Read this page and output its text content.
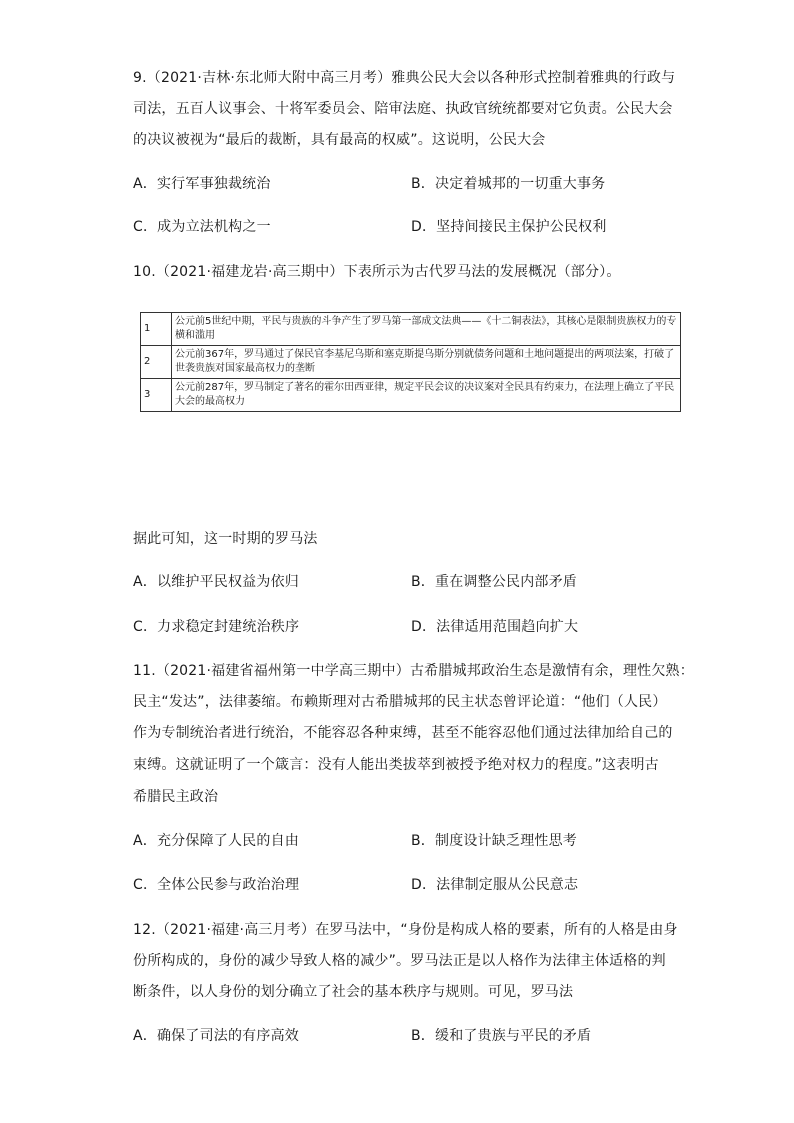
9.（2021·吉林·东北师大附中高三月考）雅典公民大会以各种形式控制着雅典的行政与
司法，五百人议事会、十将军委员会、陪审法庭、执政官统统都要对它负责。公民大会
的决议被视为“最后的裁断，具有最高的权威”。这说明，公民大会
A．实行军事独裁统治	B．决定着城邦的一切重大事务
C．成为立法机构之一	D．坚持间接民主保护公民权利
10.（2021·福建龙岩·高三期中）下表所示为古代罗马法的发展概况（部分）。
1	公元前5世纪中期，平民与贵族的斗争产生了罗马第一部成文法典——《十二铜表法》，其核心是限制贵族权力的专横和滥用
2	公元前367年，罗马通过了保民官李基尼乌斯和塞克斯提乌斯分别就债务问题和土地问题提出的两项法案，打破了世袭贵族对国家最高权力的垄断
3	公元前287年，罗马制定了著名的霍尔田西亚律，规定平民会议的决议案对全民具有约束力，在法理上确立了平民大会的最高权力
据此可知，这一时期的罗马法
A．以维护平民权益为依归	B．重在调整公民内部矛盾
C．力求稳定封建统治秩序	D．法律适用范围趋向扩大
11.（2021·福建省福州第一中学高三期中）古希腊城邦政治生态是激情有余，理性欠熟：
民主“发达”，法律萎缩。布赖斯理对古希腊城邦的民主状态曾评论道：“他们（人民）
作为专制统治者进行统治，不能容忍各种束缚，甚至不能容忍他们通过法律加给自己的
束缚。这就证明了一个箴言：没有人能出类拔萃到被授予绝对权力的程度。”这表明古
希腊民主政治
A．充分保障了人民的自由	B．制度设计缺乏理性思考
C．全体公民参与政治治理	D．法律制定服从公民意志
12.（2021·福建·高三月考）在罗马法中，“身份是构成人格的要素，所有的人格是由身
份所构成的，身份的减少导致人格的减少”。罗马法正是以人格作为法律主体适格的判
断条件，以人身份的划分确立了社会的基本秩序与规则。可见，罗马法
A．确保了司法的有序高效	B．缓和了贵族与平民的矛盾
